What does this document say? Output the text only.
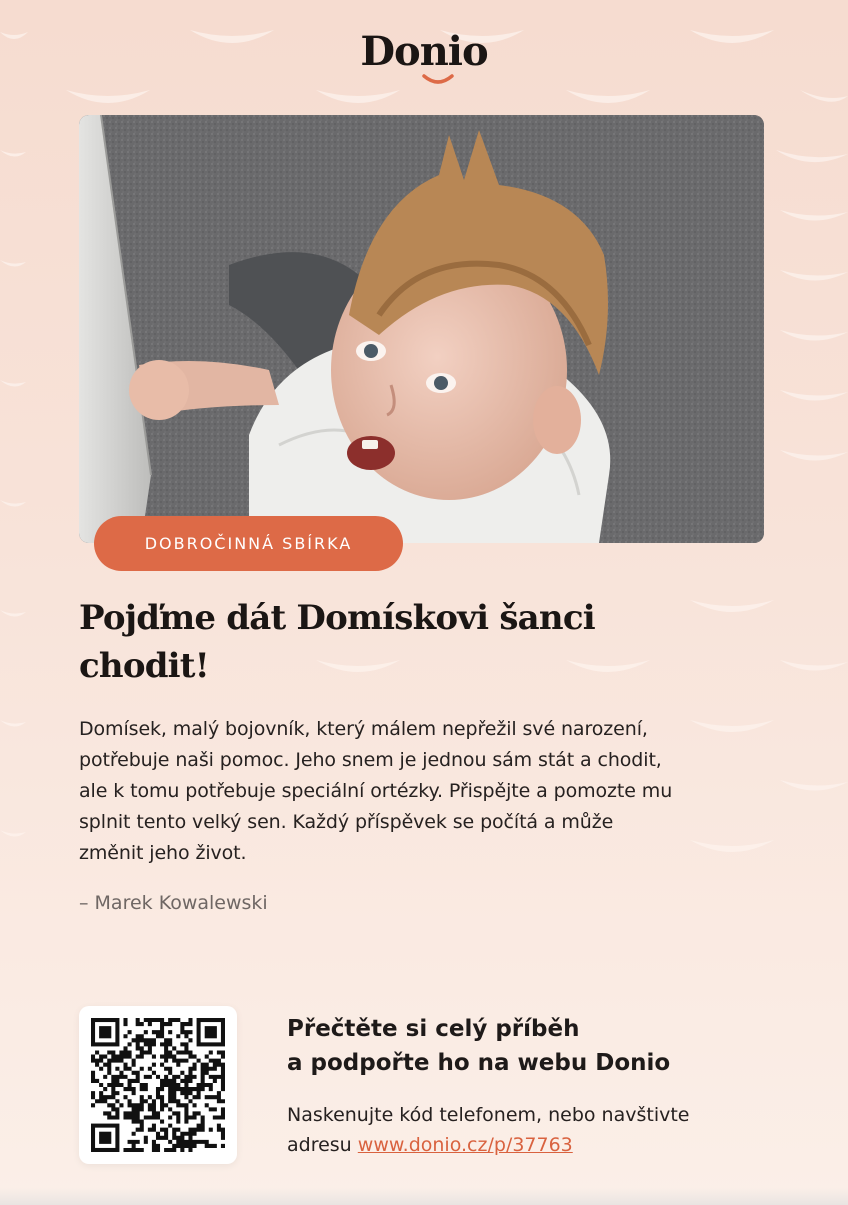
Donio
DOBROČINNÁ SBÍRKA
Pojďme dát Domískovi šanci
chodit!

Domísek, malý bojovník, který málem nepřežil své narození,
potřebuje naši pomoc. Jeho snem je jednou sám stát a chodit,
ale k tomu potřebuje speciální ortézky. Přispějte a pomozte mu
splnit tento velký sen. Každý příspěvek se počítá a může
změnit jeho život.

– Marek Kowalewski

Přečtěte si celý příběh
a podpořte ho na webu Donio

Naskenujte kód telefonem, nebo navštivte
adresu www.donio.cz/p/37763
